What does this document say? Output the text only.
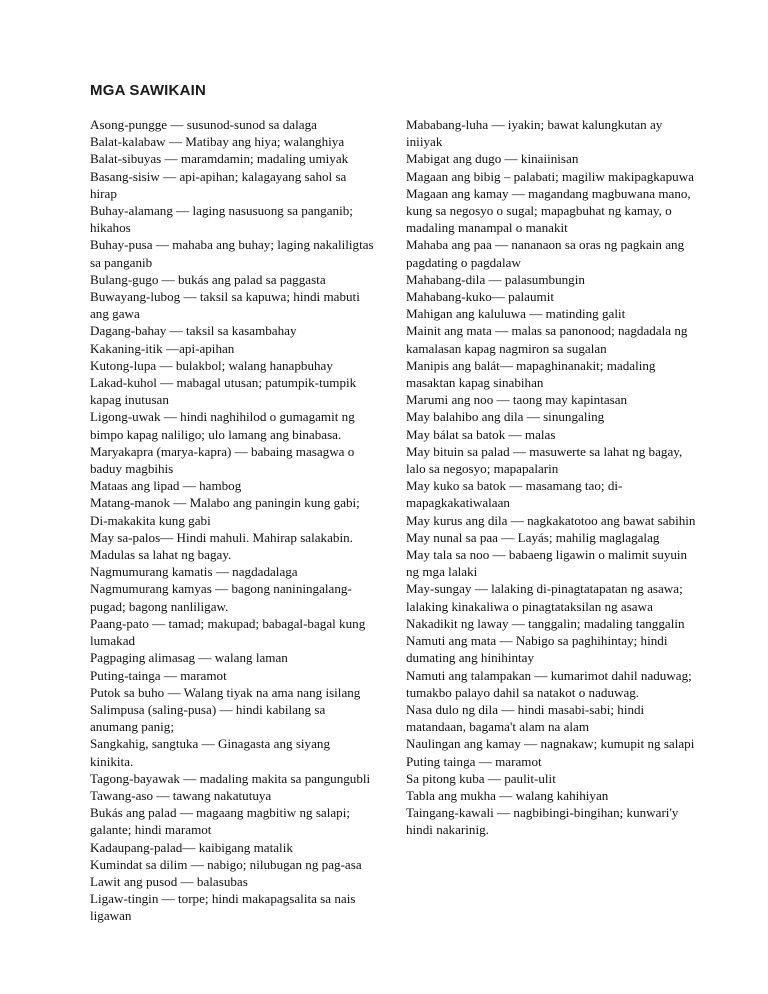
MGA SAWIKAIN

Asong-pungge — susunod-sunod sa dalaga

Balat-kalabaw — Matibay ang hiya; walanghiya

Balat-sibuyas — maramdamin; madaling umiyak

Basang-sisiw — api-apihan; kalagayang sahol sa hirap

Buhay-alamang — laging nasusuong sa panganib; hikahos

Buhay-pusa — mahaba ang buhay; laging nakaliligtas sa panganib

Bulang-gugo — bukás ang palad sa paggasta

Buwayang-lubog — taksil sa kapuwa; hindi mabuti ang gawa

Dagang-bahay — taksil sa kasambahay

Kakaning-itik —api-apihan

Kutong-lupa — bulakbol; walang hanapbuhay

Lakad-kuhol — mabagal utusan; patumpik-tumpik kapag inutusan

Ligong-uwak — hindi naghihilod o gumagamit ng bimpo kapag naliligo; ulo lamang ang binabasa.

Maryakapra (marya-kapra) — babaing masagwa o baduy magbihis

Mataas ang lipad — hambog

Matang-manok — Malabo ang paningin kung gabi; Di-makakita kung gabi

May sa-palos— Hindi mahuli. Mahirap salakabin. Madulas sa lahat ng bagay.

Nagmumurang kamatis — nagdadalaga

Nagmumurang kamyas — bagong naniningalang-pugad; bagong nanliligaw.

Paang-pato — tamad; makupad; babagal-bagal kung lumakad

Pagpaging alimasag — walang laman

Puting-tainga — maramot

Putok sa buho — Walang tiyak na ama nang isilang

Salimpusa (saling-pusa) — hindi kabilang sa anumang panig;

Sangkahig, sangtuka — Ginagasta ang siyang kinikita.

Tagong-bayawak — madaling makita sa pangungubli

Tawang-aso — tawang nakatutuya

Bukás ang palad — magaang magbitiw ng salapi; galante; hindi maramot

Kadaupang-palad— kaibigang matalik

Kumindat sa dilim — nabigo; nilubugan ng pag-asa

Lawit ang pusod — balasubas

Ligaw-tingin — torpe; hindi makapagsalita sa nais ligawan

Mababang-luha — iyakin; bawat kalungkutan ay iniiyak

Mabigat ang dugo — kinaiinisan

Magaan ang bibig – palabati; magiliw makipagkapuwa

Magaan ang kamay — magandang magbuwana mano, kung sa negosyo o sugal; mapagbuhat ng kamay, o madaling manampal o manakit

Mahaba ang paa — nananaon sa oras ng pagkain ang pagdating o pagdalaw

Mahabang-dila — palasumbungin

Mahabang-kuko— palaumit

Mahigan ang kaluluwa — matinding galit

Mainit ang mata — malas sa panonood; nagdadala ng kamalasan kapag nagmiron sa sugalan

Manipis ang balát— mapaghinanakit; madaling masaktan kapag sinabihan

Marumi ang noo — taong may kapintasan

May balahibo ang dila — sinungaling

May bálat sa batok — malas

May bituin sa palad — masuwerte sa lahat ng bagay, lalo sa negosyo; mapapalarin

May kuko sa batok — masamang tao; di-mapagkakatiwalaan

May kurus ang dila — nagkakatotoo ang bawat sabihin

May nunal sa paa — Layás; mahilig maglagalag

May tala sa noo — babaeng ligawin o malimit suyuin ng mga lalaki

May-sungay — lalaking di-pinagtatapatan ng asawa; lalaking kinakaliwa o pinagtataksilan ng asawa

Nakadikit ng laway — tanggalin; madaling tanggalin

Namuti ang mata — Nabigo sa paghihintay; hindi dumating ang hinihintay

Namuti ang talampakan — kumarimot dahil naduwag; tumakbo palayo dahil sa natakot o naduwag.

Nasa dulo ng dila — hindi masabi-sabi; hindi matandaan, bagama't alam na alam

Naulingan ang kamay — nagnakaw; kumupit ng salapi

Puting tainga — maramot

Sa pitong kuba — paulit-ulit

Tabla ang mukha — walang kahihiyan

Taingang-kawali — nagbibingi-bingihan; kunwari'y hindi nakarinig.
